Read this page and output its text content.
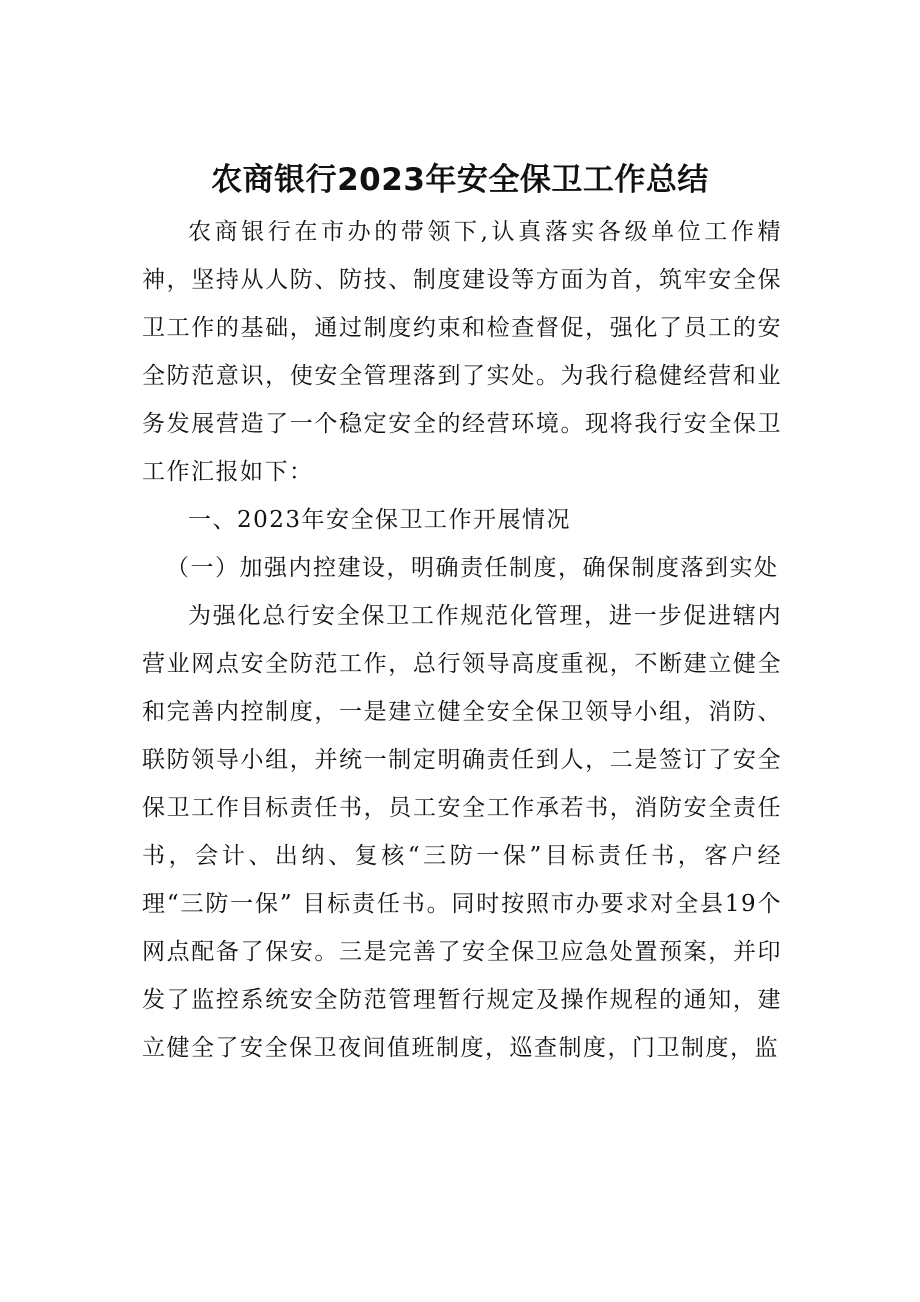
农商银行2023年安全保卫工作总结

农商银行在市办的带领下,认真落实各级单位工作精神，坚持从人防、防技、制度建设等方面为首，筑牢安全保卫工作的基础，通过制度约束和检查督促，强化了员工的安全防范意识，使安全管理落到了实处。为我行稳健经营和业务发展营造了一个稳定安全的经营环境。现将我行安全保卫工作汇报如下：

一、2023年安全保卫工作开展情况

（一）加强内控建设，明确责任制度，确保制度落到实处

为强化总行安全保卫工作规范化管理，进一步促进辖内营业网点安全防范工作，总行领导高度重视，不断建立健全和完善内控制度，一是建立健全安全保卫领导小组，消防、联防领导小组，并统一制定明确责任到人，二是签订了安全保卫工作目标责任书，员工安全工作承若书，消防安全责任书，会计、出纳、复核“三防一保”目标责任书，客户经理“三防一保” 目标责任书。同时按照市办要求对全县19个网点配备了保安。三是完善了安全保卫应急处置预案，并印发了监控系统安全防范管理暂行规定及操作规程的通知，建立健全了安全保卫夜间值班制度，巡查制度，门卫制度，监
